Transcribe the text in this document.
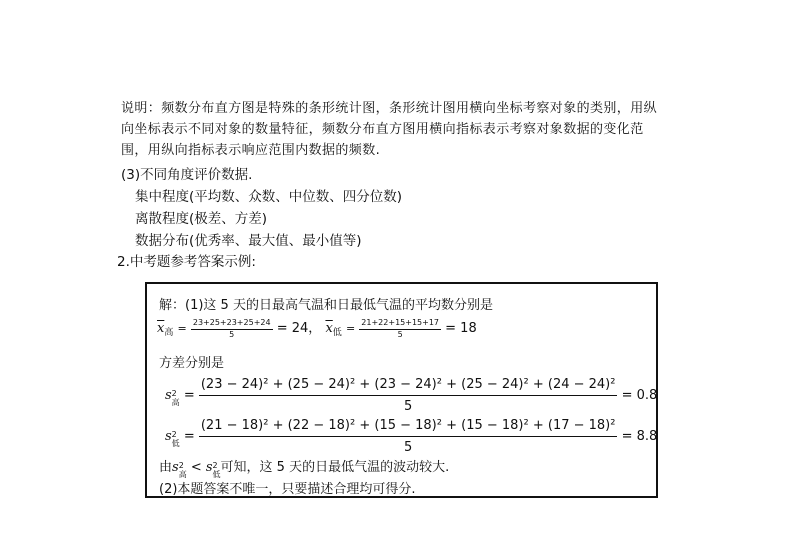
说明：频数分布直方图是特殊的条形统计图，条形统计图用横向坐标考察对象的类别，用纵
向坐标表示不同对象的数量特征，频数分布直方图用横向指标表示考察对象数据的变化范
围，用纵向指标表示响应范围内数据的频数.
(3)不同角度评价数据.
集中程度(平均数、众数、中位数、四分位数)
离散程度(极差、方差)
数据分布(优秀率、最大值、最小值等)
2.中考题参考答案示例:
解：(1)这 5 天的日最高气温和日最低气温的平均数分别是
$\overline{x}_高 = \frac{23+25+23+25+24}{5} = 24$， $\overline{x}_低 = \frac{21+22+15+15+17}{5} = 18$
方差分别是
s 2
高 =
(23 − 24)² + (25 − 24)² + (23 − 24)² + (25 − 24)² + (24 − 24)²
5
= 0.8
s 2
低 =
(21 − 18)² + (22 − 18)² + (15 − 18)² + (15 − 18)² + (17 − 18)²
5
= 8.8
由s 2
高 < s 2
低 可知，这 5 天的日最低气温的波动较大.
(2)本题答案不唯一，只要描述合理均可得分.
